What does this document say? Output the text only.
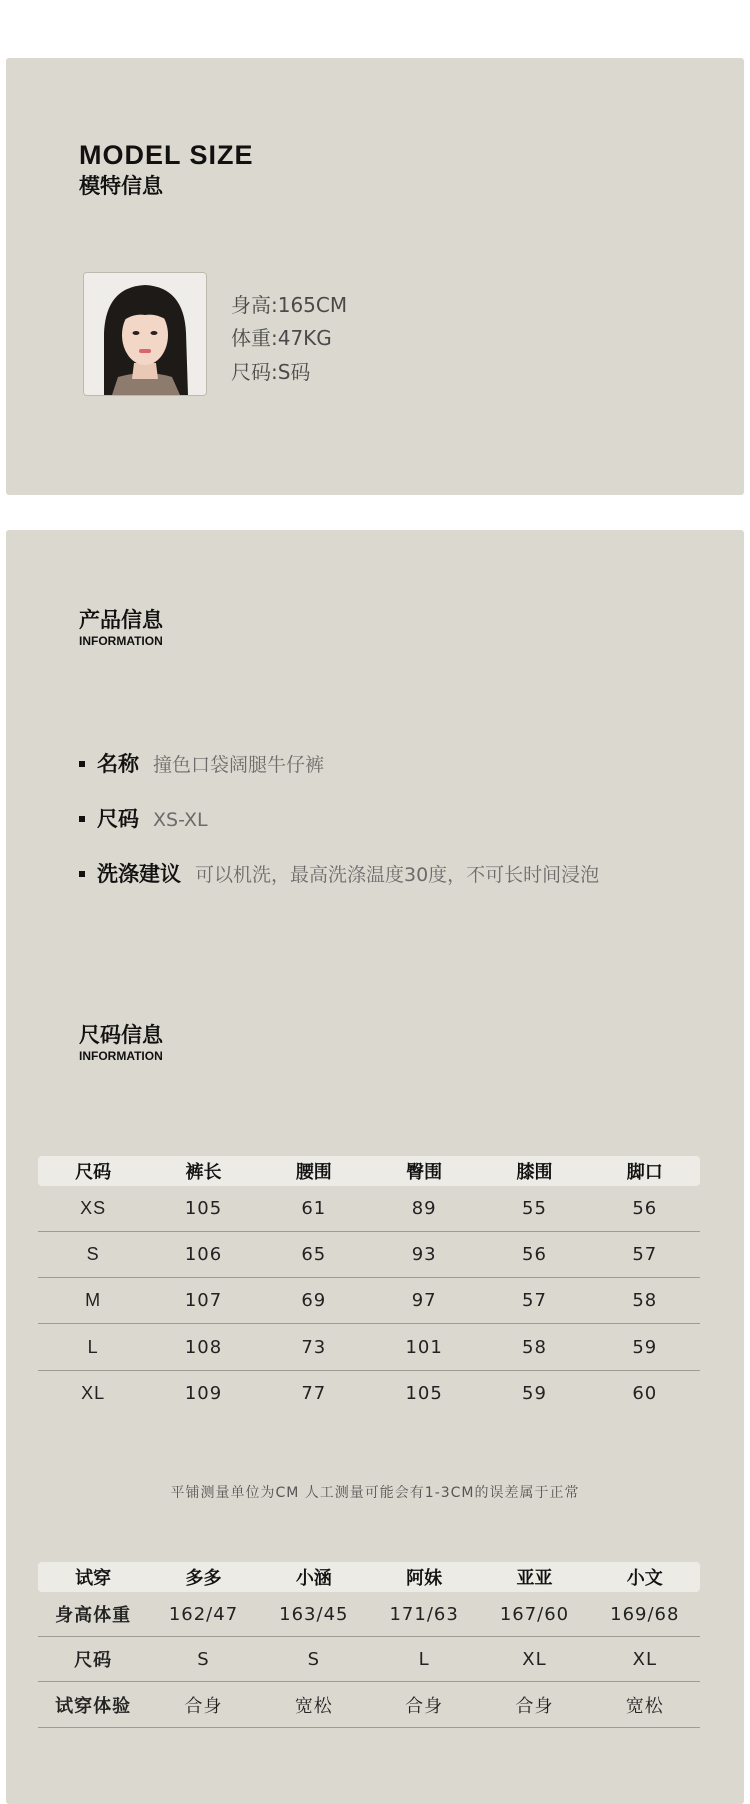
MODEL SIZE
模特信息
身高:165CM
体重:47KG
尺码:S码
产品信息
INFORMATION
名称 撞色口袋阔腿牛仔裤
尺码 XS-XL
洗涤建议 可以机洗，最高洗涤温度30度，不可长时间浸泡
尺码信息
INFORMATION
尺码	裤长	腰围	臀围	膝围	脚口
XS	105	61	89	55	56
S	106	65	93	56	57
M	107	69	97	57	58
L	108	73	101	58	59
XL	109	77	105	59	60
平铺测量单位为CM 人工测量可能会有1-3CM的误差属于正常
试穿	多多	小涵	阿妹	亚亚	小文
身高体重	162/47	163/45	171/63	167/60	169/68
尺码	S	S	L	XL	XL
试穿体验	合身	宽松	合身	合身	宽松
